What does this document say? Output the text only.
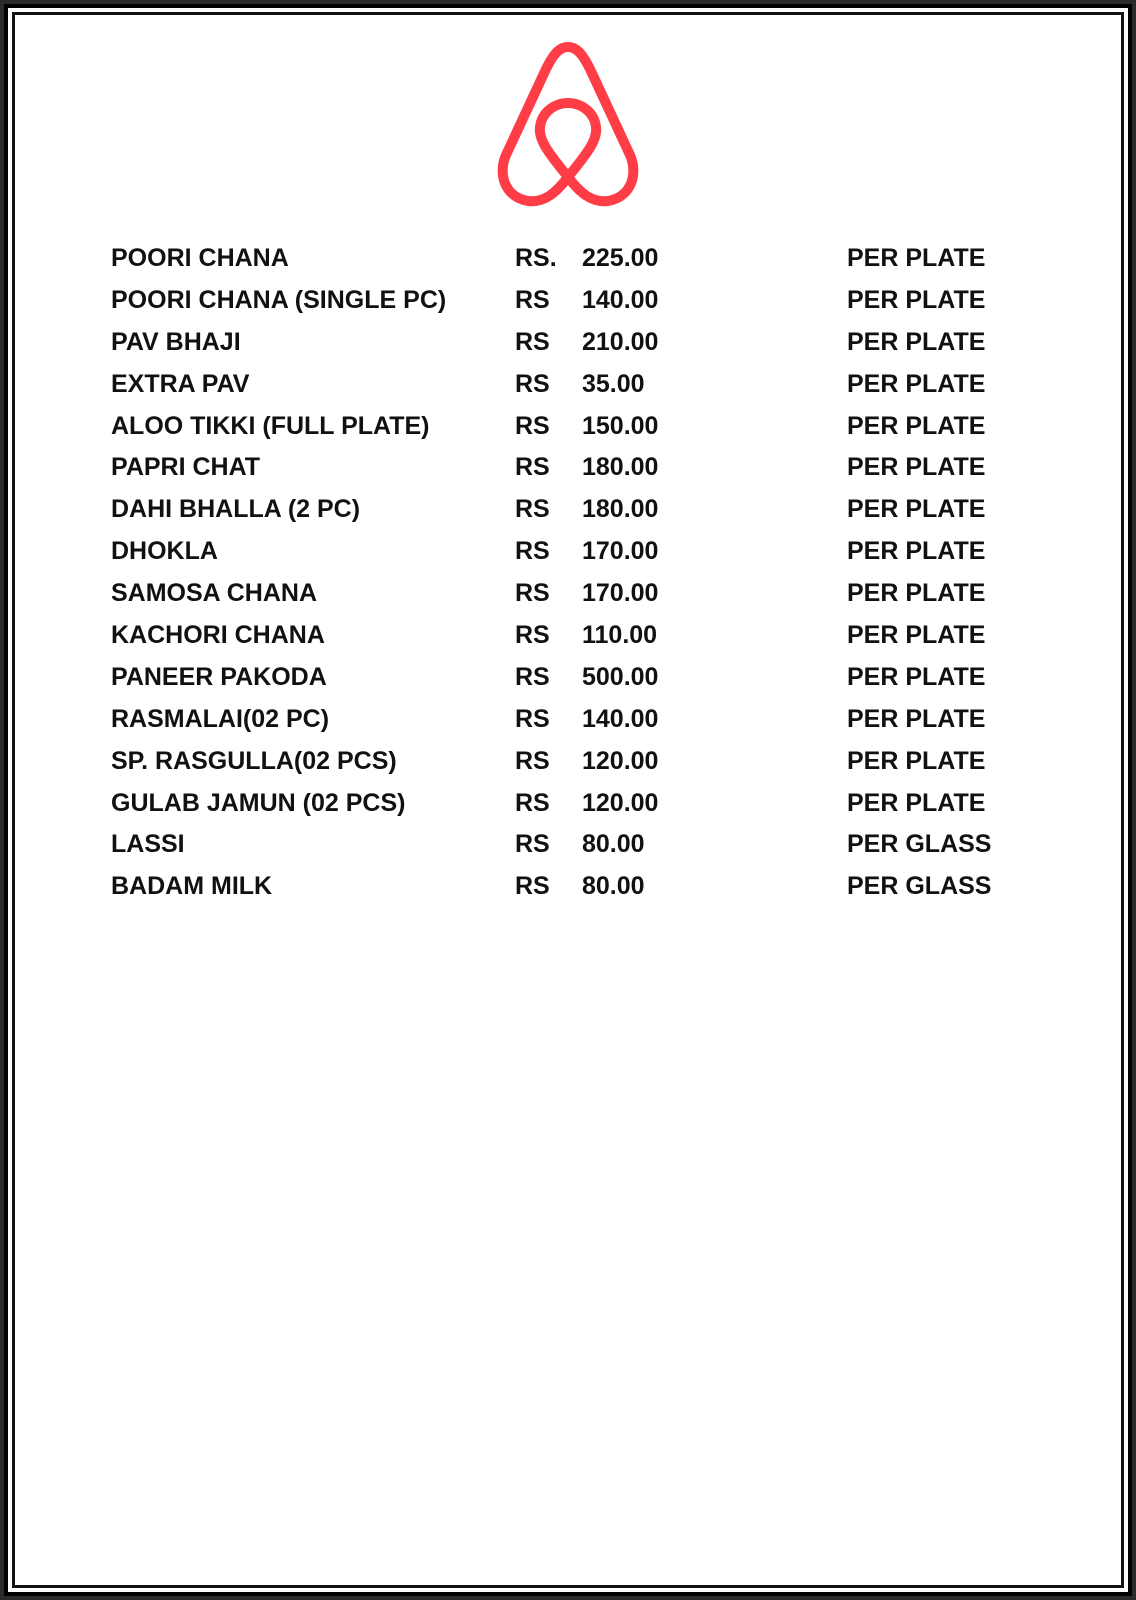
POORI CHANA	RS. 225.00	PER PLATE
POORI CHANA (SINGLE PC)	RS 140.00	PER PLATE
PAV BHAJI	RS 210.00	PER PLATE
EXTRA PAV	RS 35.00	PER PLATE
ALOO TIKKI (FULL PLATE)	RS 150.00	PER PLATE
PAPRI CHAT	RS 180.00	PER PLATE
DAHI BHALLA (2 PC)	RS 180.00	PER PLATE
DHOKLA	RS 170.00	PER PLATE
SAMOSA CHANA	RS 170.00	PER PLATE
KACHORI CHANA	RS 110.00	PER PLATE
PANEER PAKODA	RS 500.00	PER PLATE
RASMALAI(02 PC)	RS 140.00	PER PLATE
SP. RASGULLA(02 PCS)	RS 120.00	PER PLATE
GULAB JAMUN (02 PCS)	RS 120.00	PER PLATE
LASSI	RS 80.00	PER GLASS
BADAM MILK	RS 80.00	PER GLASS
